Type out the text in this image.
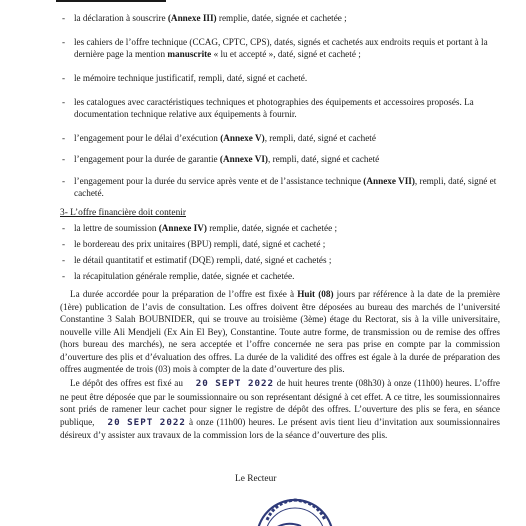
- la déclaration à souscrire (Annexe III) remplie, datée, signée et cachetée ;
- les cahiers de l’offre technique (CCAG, CPTC, CPS), datés, signés et cachetés aux endroits requis et portant à la dernière page la mention manuscrite « lu et accepté », daté, signé et cacheté ;
- le mémoire technique justificatif, rempli, daté, signé et cacheté.
- les catalogues avec caractéristiques techniques et photographies des équipements et accessoires proposés. La documentation technique relative aux équipements à fournir.
- l’engagement pour le délai d’exécution (Annexe V), rempli, daté, signé et cacheté
- l’engagement pour la durée de garantie (Annexe VI), rempli, daté, signé et cacheté
- l’engagement pour la durée du service après vente et de l’assistance technique (Annexe VII), rempli, daté, signé et cacheté.
3- L’offre financière doit contenir
- la lettre de soumission (Annexe IV) remplie, datée, signée et cachetée ;
- le bordereau des prix unitaires (BPU) rempli, daté, signé et cacheté ;
- le détail quantitatif et estimatif (DQE) rempli, daté, signé et cachetés ;
- la récapitulation générale remplie, datée, signée et cachetée.
La durée accordée pour la préparation de l’offre est fixée à Huit (08) jours par référence à la date de la première (1ère) publication de l’avis de consultation. Les offres doivent être déposées au bureau des marchés de l’université Constantine 3 Salah BOUBNIDER, qui se trouve au troisième (3ème) étage du Rectorat, sis à la ville universitaire, nouvelle ville Ali Mendjeli (Ex Ain El Bey), Constantine. Toute autre forme, de transmission ou de remise des offres (hors bureau des marchés), ne sera acceptée et l’offre concernée ne sera pas prise en compte par la commission d’ouverture des plis et d’évaluation des offres. La durée de la validité des offres est égale à la durée de préparation des offres augmentée de trois (03) mois à compter de la date d’ouverture des plis.
Le dépôt des offres est fixé au 20 SEPT 2022 de huit heures trente (08h30) à onze (11h00) heures. L’offre ne peut être déposée que par le soumissionnaire ou son représentant désigné à cet effet. A ce titre, les soumissionnaires sont priés de ramener leur cachet pour signer le registre de dépôt des offres. L’ouverture des plis se fera, en séance publique, 20 SEPT 2022 à onze (11h00) heures. Le présent avis tient lieu d’invitation aux soumissionnaires désireux d’y assister aux travaux de la commission lors de la séance d’ouverture des plis.
Le Recteur
